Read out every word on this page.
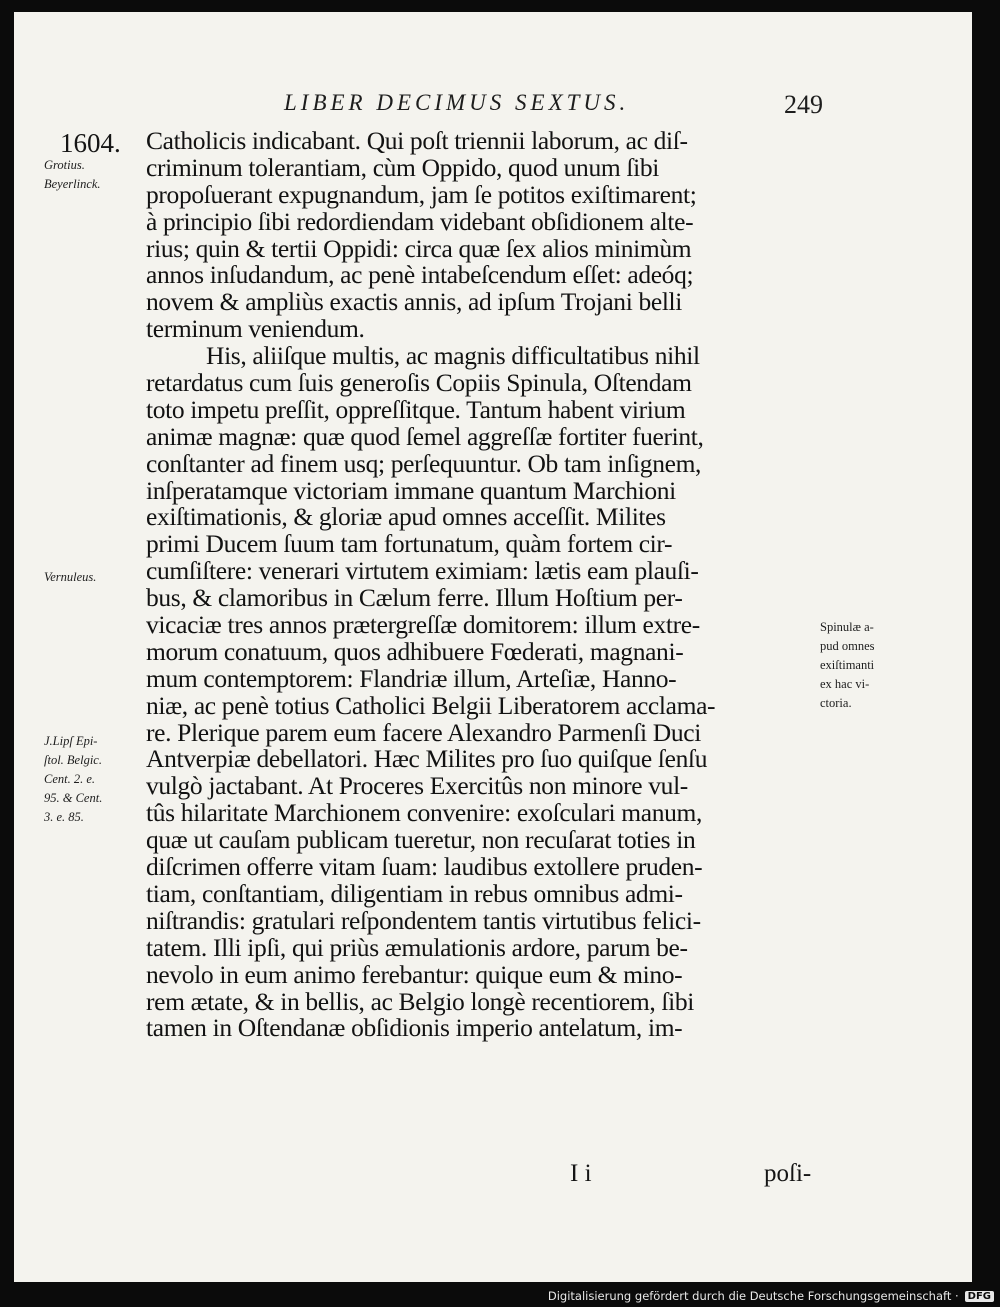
LIBER DECIMUS SEXTUS.	249
1604.
Grotius.
Beyerlinck.
Vernuleus.
J.Lipſ Epi-
ſtol. Belgic.
Cent. 2. e.
95. & Cent.
3. e. 85.
Spinulæ a-
pud omnes
exiſtimanti
ex hac vi-
ctoria.
Catholicis indicabant. Qui poſt triennii laborum, ac diſ-
criminum tolerantiam, cùm Oppido, quod unum ſibi
propoſuerant expugnandum, jam ſe potitos exiſtimarent;
à principio ſibi redordiendam videbant obſidionem alte-
rius; quin & tertii Oppidi: circa quæ ſex alios minimùm
annos inſudandum, ac penè intabeſcendum eſſet: adeóq;
novem & ampliùs exactis annis, ad ipſum Trojani belli
terminum veniendum.
His, aliiſque multis, ac magnis difficultatibus nihil
retardatus cum ſuis generoſis Copiis Spinula, Oſtendam
toto impetu preſſit, oppreſſitque. Tantum habent virium
animæ magnæ: quæ quod ſemel aggreſſæ fortiter fuerint,
conſtanter ad finem usq; perſequuntur. Ob tam inſignem,
inſperatamque victoriam immane quantum Marchioni
exiſtimationis, & gloriæ apud omnes acceſſit. Milites
primi Ducem ſuum tam fortunatum, quàm fortem cir-
cumſiſtere: venerari virtutem eximiam: lætis eam plauſi-
bus, & clamoribus in Cælum ferre. Illum Hoſtium per-
vicaciæ tres annos prætergreſſæ domitorem: illum extre-
morum conatuum, quos adhibuere Fœderati, magnani-
mum contemptorem: Flandriæ illum, Arteſiæ, Hanno-
niæ, ac penè totius Catholici Belgii Liberatorem acclama-
re. Plerique parem eum facere Alexandro Parmenſi Duci
Antverpiæ debellatori. Hæc Milites pro ſuo quiſque ſenſu
vulgò jactabant. At Proceres Exercitûs non minore vul-
tûs hilaritate Marchionem convenire: exoſculari manum,
quæ ut cauſam publicam tueretur, non recuſarat toties in
diſcrimen offerre vitam ſuam: laudibus extollere pruden-
tiam, conſtantiam, diligentiam in rebus omnibus admi-
niſtrandis: gratulari reſpondentem tantis virtutibus felici-
tatem. Illi ipſi, qui priùs æmulationis ardore, parum be-
nevolo in eum animo ferebantur: quique eum & mino-
rem ætate, & in bellis, ac Belgio longè recentiorem, ſibi
tamen in Oſtendanæ obſidionis imperio antelatum, im-
I i	poſi-
Digitalisierung gefördert durch die Deutsche Forschungsgemeinschaft · DFG
